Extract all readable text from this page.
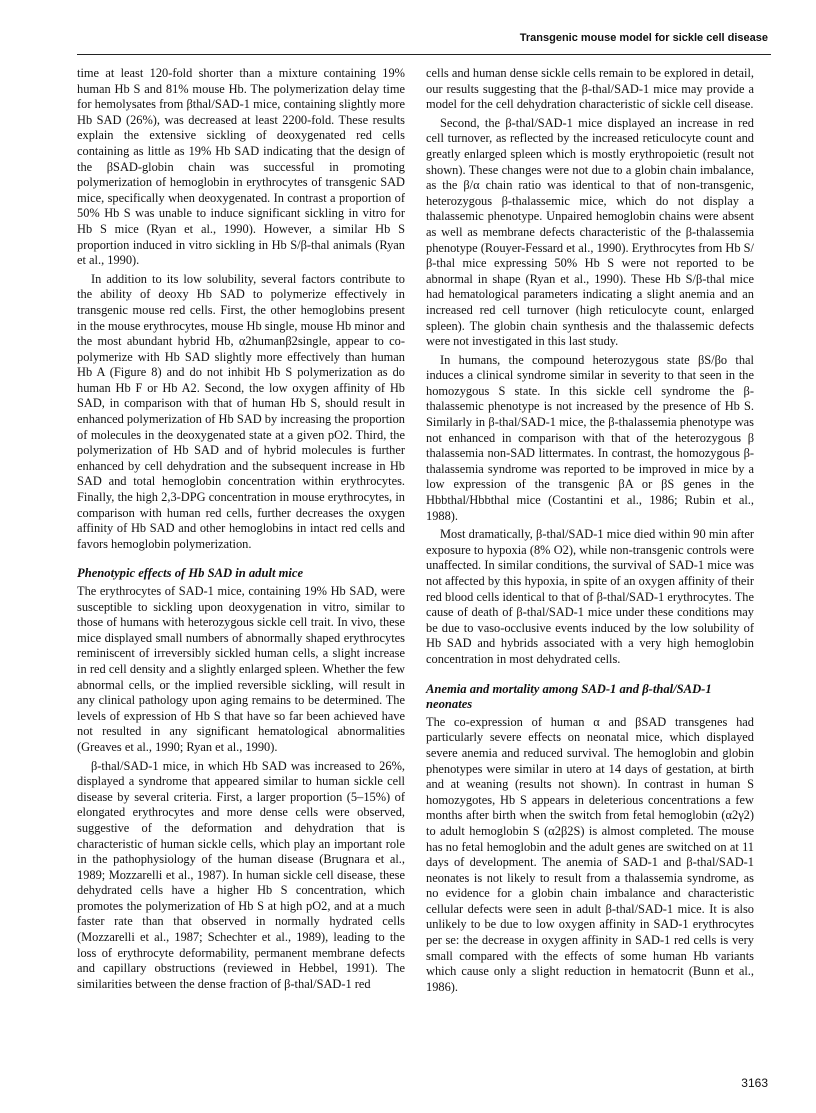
Transgenic mouse model for sickle cell disease

time at least 120-fold shorter than a mixture containing 19% human Hb S and 81% mouse Hb. The polymerization delay time for hemolysates from βthal/SAD-1 mice, containing slightly more Hb SAD (26%), was decreased at least 2200-fold. These results explain the extensive sickling of deoxygenated red cells containing as little as 19% Hb SAD indicating that the design of the βSAD-globin chain was successful in promoting polymerization of hemoglobin in erythrocytes of transgenic SAD mice, specifically when deoxygenated. In contrast a proportion of 50% Hb S was unable to induce significant sickling in vitro for Hb S mice (Ryan et al., 1990). However, a similar Hb S proportion induced in vitro sickling in Hb S/β-thal animals (Ryan et al., 1990).

In addition to its low solubility, several factors contribute to the ability of deoxy Hb SAD to polymerize effectively in transgenic mouse red cells. First, the other hemoglobins present in the mouse erythrocytes, mouse Hb single, mouse Hb minor and the most abundant hybrid Hb, α2humanβ2single, appear to co-polymerize with Hb SAD slightly more effectively than human Hb A (Figure 8) and do not inhibit Hb S polymerization as do human Hb F or Hb A2. Second, the low oxygen affinity of Hb SAD, in comparison with that of human Hb S, should result in enhanced polymerization of Hb SAD by increasing the proportion of molecules in the deoxygenated state at a given pO2. Third, the polymerization of Hb SAD and of hybrid molecules is further enhanced by cell dehydration and the subsequent increase in Hb SAD and total hemoglobin concentration within erythrocytes. Finally, the high 2,3-DPG concentration in mouse erythrocytes, in comparison with human red cells, further decreases the oxygen affinity of Hb SAD and other hemoglobins in intact red cells and favors hemoglobin polymerization.

Phenotypic effects of Hb SAD in adult mice

The erythrocytes of SAD-1 mice, containing 19% Hb SAD, were susceptible to sickling upon deoxygenation in vitro, similar to those of humans with heterozygous sickle cell trait. In vivo, these mice displayed small numbers of abnormally shaped erythrocytes reminiscent of irreversibly sickled human cells, a slight increase in red cell density and a slightly enlarged spleen. Whether the few abnormal cells, or the implied reversible sickling, will result in any clinical pathology upon aging remains to be determined. The levels of expression of Hb S that have so far been achieved have not resulted in any significant hematological abnormalities (Greaves et al., 1990; Ryan et al., 1990).

β-thal/SAD-1 mice, in which Hb SAD was increased to 26%, displayed a syndrome that appeared similar to human sickle cell disease by several criteria. First, a larger proportion (5–15%) of elongated erythrocytes and more dense cells were observed, suggestive of the deformation and dehydration that is characteristic of human sickle cells, which play an important role in the pathophysiology of the human disease (Brugnara et al., 1989; Mozzarelli et al., 1987). In human sickle cell disease, these dehydrated cells have a higher Hb S concentration, which promotes the polymerization of Hb S at high pO2, and at a much faster rate than that observed in normally hydrated cells (Mozzarelli et al., 1987; Schechter et al., 1989), leading to the loss of erythrocyte deformability, permanent membrane defects and capillary obstructions (reviewed in Hebbel, 1991). The similarities between the dense fraction of β-thal/SAD-1 red

cells and human dense sickle cells remain to be explored in detail, our results suggesting that the β-thal/SAD-1 mice may provide a model for the cell dehydration characteristic of sickle cell disease.

Second, the β-thal/SAD-1 mice displayed an increase in red cell turnover, as reflected by the increased reticulocyte count and greatly enlarged spleen which is mostly erythropoietic (result not shown). These changes were not due to a globin chain imbalance, as the β/α chain ratio was identical to that of non-transgenic, heterozygous β-thalassemic mice, which do not display a thalassemic phenotype. Unpaired hemoglobin chains were absent as well as membrane defects characteristic of the β-thalassemia phenotype (Rouyer-Fessard et al., 1990). Erythrocytes from Hb S/β-thal mice expressing 50% Hb S were not reported to be abnormal in shape (Ryan et al., 1990). These Hb S/β-thal mice had hematological parameters indicating a slight anemia and an increased red cell turnover (high reticulocyte count, enlarged spleen). The globin chain synthesis and the thalassemic defects were not investigated in this last study.

In humans, the compound heterozygous state βS/βo thal induces a clinical syndrome similar in severity to that seen in the homozygous S state. In this sickle cell syndrome the β-thalassemic phenotype is not increased by the presence of Hb S. Similarly in β-thal/SAD-1 mice, the β-thalassemia phenotype was not enhanced in comparison with that of the heterozygous β thalassemia non-SAD littermates. In contrast, the homozygous β-thalassemia syndrome was reported to be improved in mice by a low expression of the transgenic βA or βS genes in the Hbbthal/Hbbthal mice (Costantini et al., 1986; Rubin et al., 1988).

Most dramatically, β-thal/SAD-1 mice died within 90 min after exposure to hypoxia (8% O2), while non-transgenic controls were unaffected. In similar conditions, the survival of SAD-1 mice was not affected by this hypoxia, in spite of an oxygen affinity of their red blood cells identical to that of β-thal/SAD-1 erythrocytes. The cause of death of β-thal/SAD-1 mice under these conditions may be due to vaso-occlusive events induced by the low solubility of Hb SAD and hybrids associated with a very high hemoglobin concentration in most dehydrated cells.

Anemia and mortality among SAD-1 and β-thal/SAD-1 neonates

The co-expression of human α and βSAD transgenes had particularly severe effects on neonatal mice, which displayed severe anemia and reduced survival. The hemoglobin and globin phenotypes were similar in utero at 14 days of gestation, at birth and at weaning (results not shown). In contrast in human S homozygotes, Hb S appears in deleterious concentrations a few months after birth when the switch from fetal hemoglobin (α2γ2) to adult hemoglobin S (α2β2S) is almost completed. The mouse has no fetal hemoglobin and the adult genes are switched on at 11 days of development. The anemia of SAD-1 and β-thal/SAD-1 neonates is not likely to result from a thalassemia syndrome, as no evidence for a globin chain imbalance and characteristic cellular defects were seen in adult β-thal/SAD-1 mice. It is also unlikely to be due to low oxygen affinity in SAD-1 erythrocytes per se: the decrease in oxygen affinity in SAD-1 red cells is very small compared with the effects of some human Hb variants which cause only a slight reduction in hematocrit (Bunn et al., 1986).

3163
